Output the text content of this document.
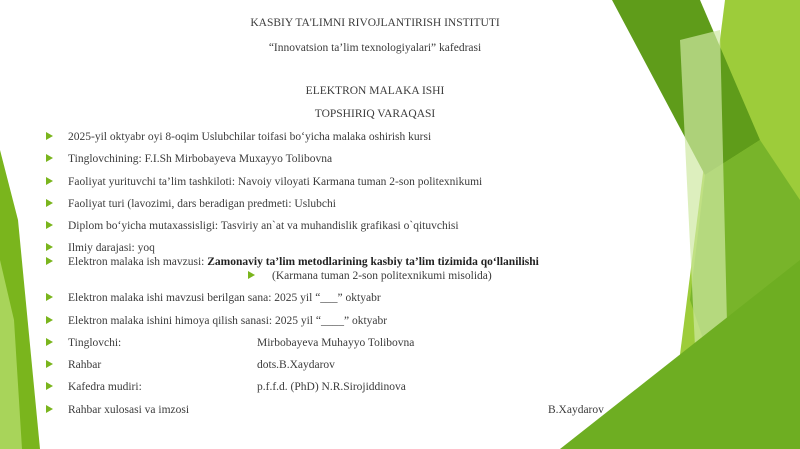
KASBIY TA'LIMNI RIVOJLANTIRISH INSTITUTI
“Innovatsion ta’lim texnologiyalari” kafedrasi
ELEKTRON MALAKA ISHI
TOPSHIRIQ VARAQASI
2025-yil oktyabr oyi 8-oqim Uslubchilar toifasi bo‘yicha malaka oshirish kursi
Tinglovchining: F.I.Sh Mirbobayeva Muxayyo Tolibovna
Faoliyat yurituvchi ta’lim tashkiloti: Navoiy viloyati Karmana tuman 2-son politexnikumi
Faoliyat turi (lavozimi, dars beradigan predmeti: Uslubchi
Diplom bo‘yicha mutaxassisligi: Tasviriy an`at va muhandislik grafikasi o`qituvchisi
Ilmiy darajasi: yoq
Elektron malaka ish mavzusi: Zamonaviy ta’lim metodlarining kasbiy ta’lim tizimida qo‘llanilishi
(Karmana tuman 2-son politexnikumi misolida)
Elektron malaka ishi mavzusi berilgan sana: 2025 yil “___” oktyabr
Elektron malaka ishini himoya qilish sanasi: 2025 yil “____” oktyabr
Tinglovchi:	Mirbobayeva Muhayyo Tolibovna
Rahbar	dots.B.Xaydarov
Kafedra mudiri:	p.f.f.d. (PhD) N.R.Sirojiddinova
Rahbar xulosasi va imzosi	B.Xaydarov
